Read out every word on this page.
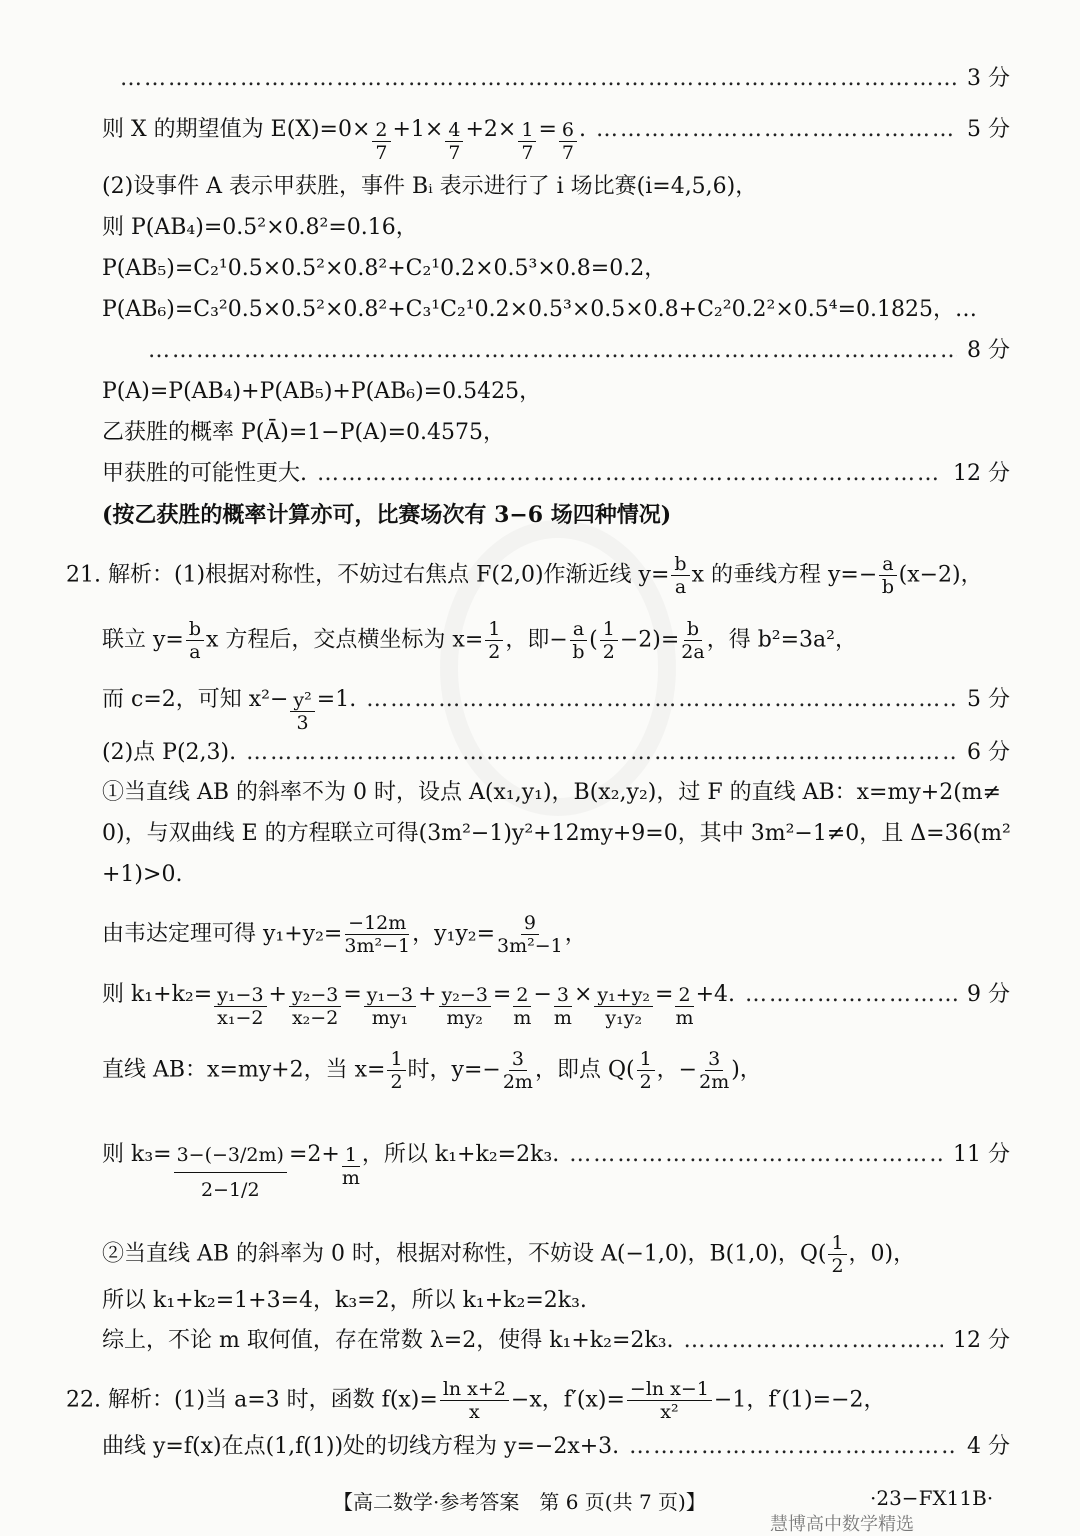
……………………………………………………………………………………………………………………………………………………………………
3 分
则 X 的期望值为 $E(X)=0\times \frac{2}{7} +1\times \frac{4}{7} +2\times \frac{1}{7} = \frac{6}{7}$ . ……………………………………………………………………………………………………………………………………………………………………	5 分
(2)设事件 A 表示甲获胜，事件 Bᵢ 表示进行了 i 场比赛(i=4,5,6)，
则 P(AB₄)=0.5²×0.8²=0.16，
P(AB₅)=C₂¹0.5×0.5²×0.8²+C₂¹0.2×0.5³×0.8=0.2，
P(AB₆)=C₃²0.5×0.5²×0.8²+C₃¹C₂¹0.2×0.5³×0.5×0.8+C₂²0.2²×0.5⁴=0.1825，…
……………………………………………………………………………………………………………………………………………………………………
8 分
P(A)=P(AB₄)+P(AB₅)+P(AB₆)=0.5425，
乙获胜的概率 P(Ā)=1−P(A)=0.4575，
甲获胜的可能性更大. ……………………………………………………………………………………………………………………………………………………………………	12 分
(按乙获胜的概率计算亦可，比赛场次有 3−6 场四种情况)
21. 解析：(1)根据对称性，不妨过右焦点 F(2,0)作渐近线 $y= \frac{b}{a}$ x 的垂线方程 $y=- \frac{a}{b} (x-2)$，
联立 $y= \frac{b}{a}$ x 方程后，交点横坐标为 $x= \frac{1}{2}$ ，即− $\frac{a}{b}$ ( $\frac{1}{2} -2)= \frac{b}{2a}$ ，得 b²=3a²，
而 c=2，可知 $x^2- \frac{\text{y²}}{3} =1$. ……………………………………………………………………………………………………………………………………………………………………	5 分
(2)点 P(2,3). ……………………………………………………………………………………………………………………………………………………………………	6 分
①当直线 AB 的斜率不为 0 时，设点 A(x₁,y₁)，B(x₂,y₂)，过 F 的直线 AB：x=my+2(m≠
0)，与双曲线 E 的方程联立可得(3m²−1)y²+12my+9=0，其中 3m²−1≠0，且 Δ=36(m²
+1)>0.
由韦达定理可得 $y_1+y_2= \frac{-12m}{\text{3m²−1}}$ ，$y_1y_2= \frac{9}{\text{3m²−1}}$ ，
则 $k_1+k_2= \frac{\text{y₁−3}}{\text{x₁−2}} + \frac{\text{y₂−3}}{\text{x₂−2}} = \frac{\text{y₁−3}}{\text{my₁}} + \frac{\text{y₂−3}}{\text{my₂}} = \frac{2}{m} - \frac{3}{m} \times \frac{\text{y₁+y₂}}{\text{y₁y₂}} = \frac{2}{m} +4$. ……………………………………………………………………………………………………………………………………………………………………	9 分
直线 AB：x=my+2，当 $x= \frac{1}{2}$ 时，$y=- \frac{3}{2m}$ ，即点 $Q( \frac{1}{2}$ ，− $\frac{3}{2m}$ )，
则 $k_3= \frac{3-(-3/2m)}{2-1/2} =2+ \frac{1}{m}$ ，所以 k₁+k₂=2k₃. ……………………………………………………………………………………………………………………………………………………………………	11 分
②当直线 AB 的斜率为 0 时，根据对称性，不妨设 A(−1,0)，B(1,0)，$Q( \frac{1}{2}$ ，0)，
所以 k₁+k₂=1+3=4，k₃=2，所以 k₁+k₂=2k₃.
综上，不论 m 取何值，存在常数 λ=2，使得 k₁+k₂=2k₃. ……………………………………………………………………………………………………………………………………………………………………	12 分
22. 解析：(1)当 a=3 时，函数 $f(x)= \frac{\text{ln x+2}}{x} -x$，$f'(x)= \frac{\text{−ln x−1}}{\text{x²}} -1$，f′(1)=−2，
曲线 y=f(x)在点(1,f(1))处的切线方程为 y=−2x+3. ……………………………………………………………………………………………………………………………………………………………………	4 分
【高二数学·参考答案　第 6 页(共 7 页)】	·23−FX11B·
慧博高中数学精选
